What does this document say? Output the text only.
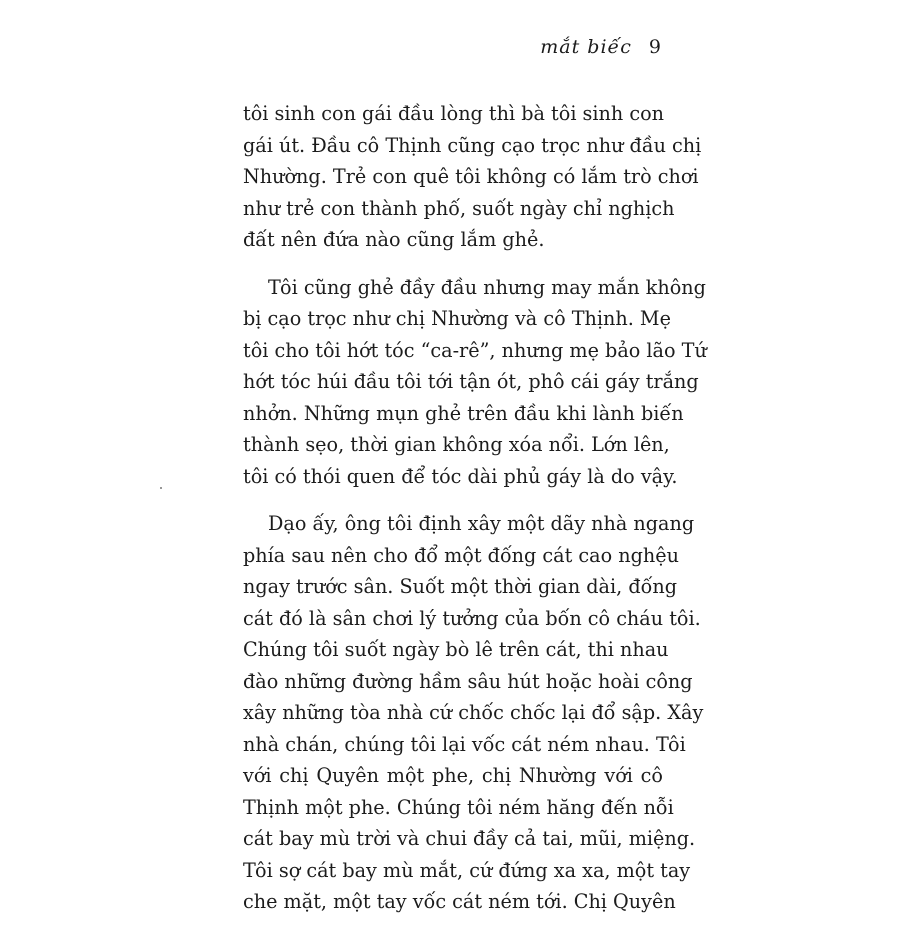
mắt biếc 9
tôi sinh con gái đầu lòng thì bà tôi sinh con
gái út. Đầu cô Thịnh cũng cạo trọc như đầu chị
Nhường. Trẻ con quê tôi không có lắm trò chơi
như trẻ con thành phố, suốt ngày chỉ nghịch
đất nên đứa nào cũng lắm ghẻ.
Tôi cũng ghẻ đầy đầu nhưng may mắn không
bị cạo trọc như chị Nhường và cô Thịnh. Mẹ
tôi cho tôi hớt tóc “ca-rê”, nhưng mẹ bảo lão Tứ
hớt tóc húi đầu tôi tới tận ót, phô cái gáy trắng
nhởn. Những mụn ghẻ trên đầu khi lành biến
thành sẹo, thời gian không xóa nổi. Lớn lên,
tôi có thói quen để tóc dài phủ gáy là do vậy.
Dạo ấy, ông tôi định xây một dãy nhà ngang
phía sau nên cho đổ một đống cát cao nghệu
ngay trước sân. Suốt một thời gian dài, đống
cát đó là sân chơi lý tưởng của bốn cô cháu tôi.
Chúng tôi suốt ngày bò lê trên cát, thi nhau
đào những đường hầm sâu hút hoặc hoài công
xây những tòa nhà cứ chốc chốc lại đổ sập. Xây
nhà chán, chúng tôi lại vốc cát ném nhau. Tôi
với chị Quyên một phe, chị Nhường với cô
Thịnh một phe. Chúng tôi ném hăng đến nỗi
cát bay mù trời và chui đầy cả tai, mũi, miệng.
Tôi sợ cát bay mù mắt, cứ đứng xa xa, một tay
che mặt, một tay vốc cát ném tới. Chị Quyên
